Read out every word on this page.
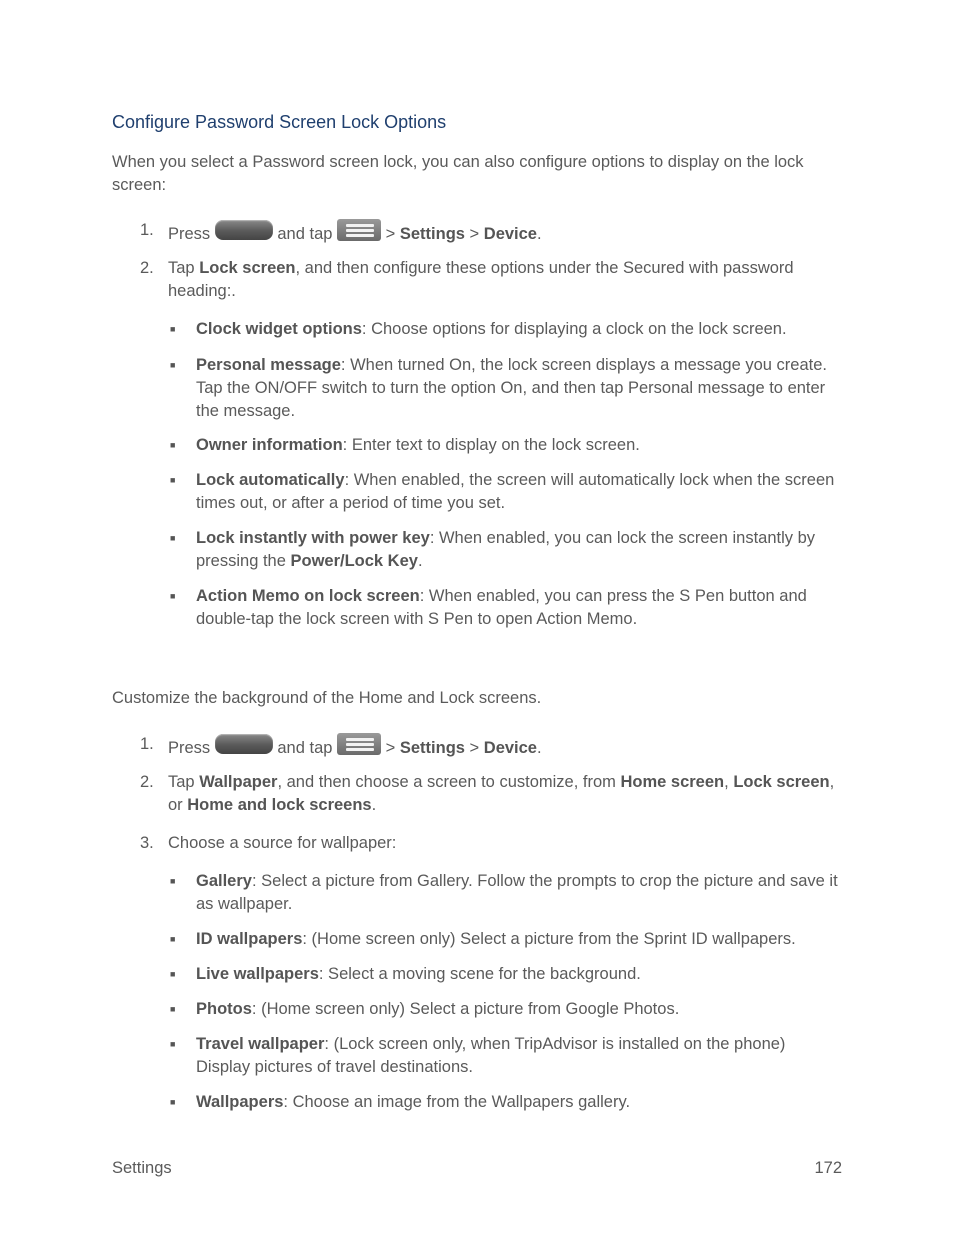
Configure Password Screen Lock Options
When you select a Password screen lock, you can also configure options to display on the lock screen:
1. Press	and tap	> Settings > Device.
2. Tap Lock screen, and then configure these options under the Secured with password heading:.
■ Clock widget options: Choose options for displaying a clock on the lock screen.
■ Personal message: When turned On, the lock screen displays a message you create. Tap the ON/OFF switch to turn the option On, and then tap Personal message to enter the message.
■ Owner information: Enter text to display on the lock screen.
■ Lock automatically: When enabled, the screen will automatically lock when the screen times out, or after a period of time you set.
■ Lock instantly with power key: When enabled, you can lock the screen instantly by pressing the Power/Lock Key.
■ Action Memo on lock screen: When enabled, you can press the S Pen button and double-tap the lock screen with S Pen to open Action Memo.
Customize the background of the Home and Lock screens.
1. Press	and tap	> Settings > Device.
2. Tap Wallpaper, and then choose a screen to customize, from Home screen, Lock screen, or Home and lock screens.
3. Choose a source for wallpaper:
■ Gallery: Select a picture from Gallery. Follow the prompts to crop the picture and save it as wallpaper.
■ ID wallpapers: (Home screen only) Select a picture from the Sprint ID wallpapers.
■ Live wallpapers: Select a moving scene for the background.
■ Photos: (Home screen only) Select a picture from Google Photos.
■ Travel wallpaper: (Lock screen only, when TripAdvisor is installed on the phone) Display pictures of travel destinations.
■ Wallpapers: Choose an image from the Wallpapers gallery.
Settings	172
